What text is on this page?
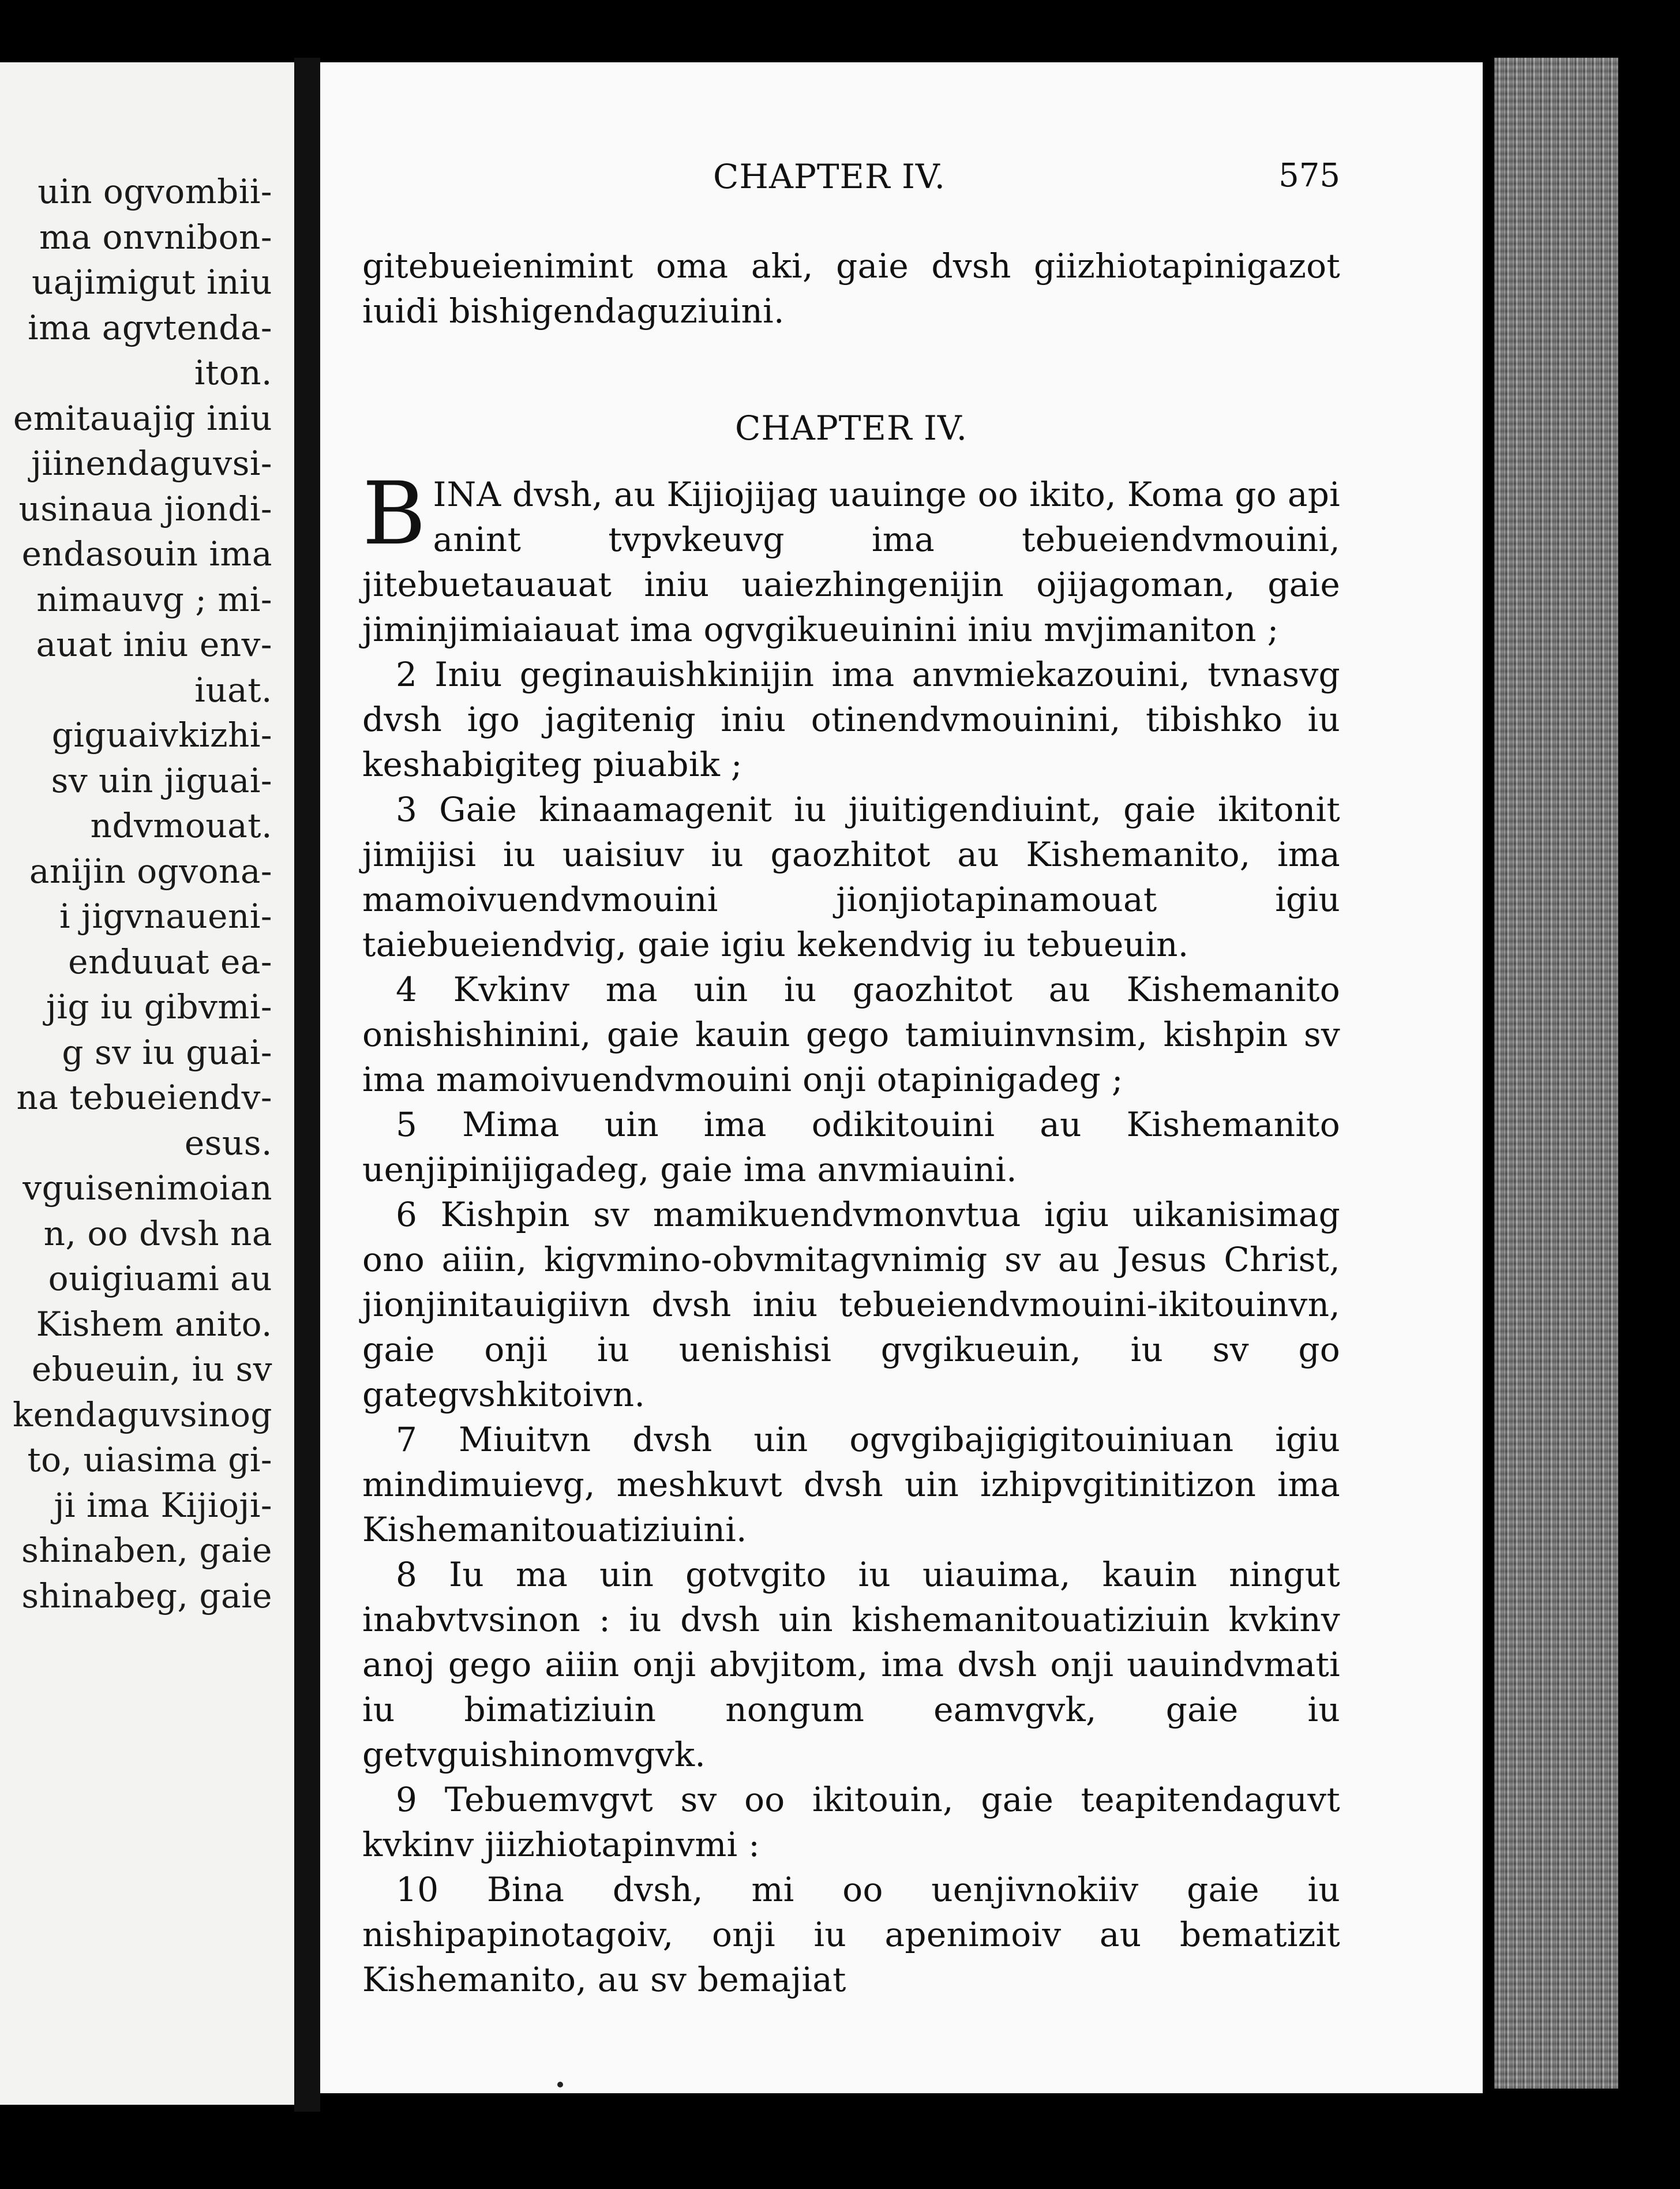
uin ogvombii-
ma onvnibon-
uajimigut iniu
ima agvtenda-
iton.
emitauajig iniu
jiinendaguvsi-
usinaua jiondi-
endasouin ima
nimauvg ; mi-
auat iniu env-
iuat.
giguaivkizhi-
sv uin jiguai-
ndvmouat.
anijin ogvona-
i jigvnaueni-
enduuat ea-
jig iu gibvmi-
g sv iu guai-
na tebueiendv-
esus.
vguisenimoian
n, oo dvsh na
ouigiuami au
Kishem anito.
ebueuin, iu sv
kendaguvsinog
to, uiasima gi-
ji ima Kijioji-
shinaben, gaie
shinabeg, gaie
CHAPTER IV.	575

gitebueienimint oma aki, gaie dvsh giizhiotapinigazot iuidi bishigendaguziuini.

CHAPTER IV.

BINA dvsh, au Kijiojijag uauinge oo ikito, Koma go api anint tvpvkeuvg ima tebueiendvmouini, jitebuetauauat iniu uaiezhingenijin ojijagoman, gaie jiminjimiaiauat ima ogvgikueuinini iniu mvjimaniton ;

2 Iniu geginauishkinijin ima anvmiekazouini, tvnasvg dvsh igo jagitenig iniu otinendvmouinini, tibishko iu keshabigiteg piuabik ;

3 Gaie kinaamagenit iu jiuitigendiuint, gaie ikitonit jimijisi iu uaisiuv iu gaozhitot au Kishemanito, ima mamoivuendvmouini jionjiotapinamouat igiu taiebueiendvig, gaie igiu kekendvig iu tebueuin.

4 Kvkinv ma uin iu gaozhitot au Kishemanito onishishinini, gaie kauin gego tamiuinvnsim, kishpin sv ima mamoivuendvmouini onji otapinigadeg ;

5 Mima uin ima odikitouini au Kishemanito uenjipinijigadeg, gaie ima anvmiauini.

6 Kishpin sv mamikuendvmonvtua igiu uikanisimag ono aiiin, kigvmino-obvmitagvnimig sv au Jesus Christ, jionjinitauigiivn dvsh iniu tebueiendvmouini-ikitouinvn, gaie onji iu uenishisi gvgikueuin, iu sv go gategvshkitoivn.

7 Miuitvn dvsh uin ogvgibajigigitouiniuan igiu mindimuievg, meshkuvt dvsh uin izhipvgitinitizon ima Kishemanitouatiziuini.

8 Iu ma uin gotvgito iu uiauima, kauin ningut inabvtvsinon : iu dvsh uin kishemanitouatiziuin kvkinv anoj gego aiiin onji abvjitom, ima dvsh onji uauindvmati iu bimatiziuin nongum eamvgvk, gaie iu getvguishinomvgvk.

9 Tebuemvgvt sv oo ikitouin, gaie teapitendaguvt kvkinv jiizhiotapinvmi :

10 Bina dvsh, mi oo uenjivnokiiv gaie iu nishipapinotagoiv, onji iu apenimoiv au bematizit Kishemanito, au sv bemajiat
